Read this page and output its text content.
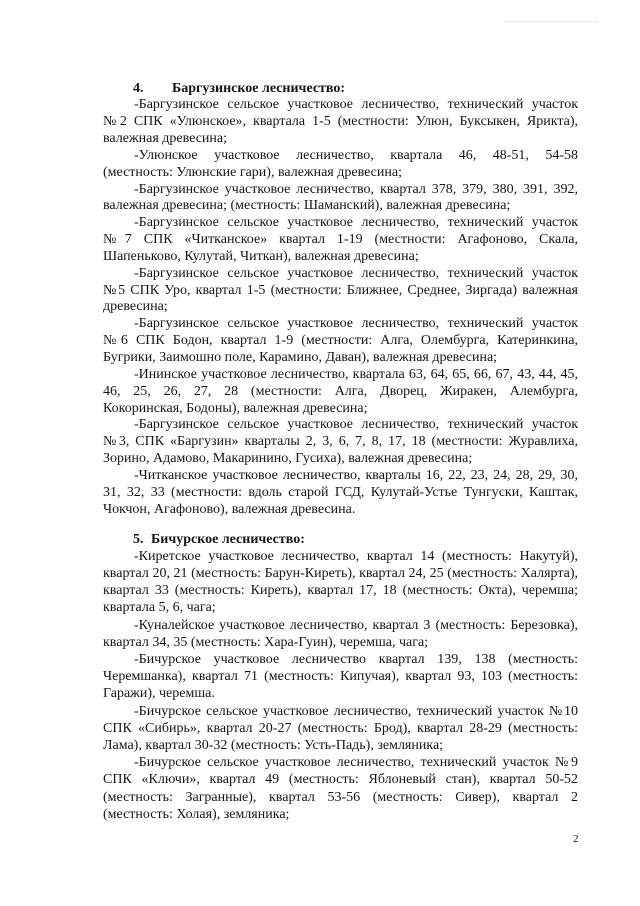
4. Баргузинское лесничество:
-Баргузинское сельское участковое лесничество, технический участок
№2 СПК «Улюнское», квартала 1-5 (местности: Улюн, Буксыкен, Ярикта),
валежная древесина;
-Улюнское участковое лесничество, квартала 46, 48-51, 54-58
(местность: Улюнские гари), валежная древесина;
-Баргузинское участковое лесничество, квартал 378, 379, 380, 391, 392,
валежная древесина; (местность: Шаманский), валежная древесина;
-Баргузинское сельское участковое лесничество, технический участок
№7 СПК «Читканское» квартал 1-19 (местности: Агафоново, Скала,
Шапеньково, Кулутай, Читкан), валежная древесина;
-Баргузинское сельское участковое лесничество, технический участок
№5 СПК Уро, квартал 1-5 (местности: Ближнее, Среднее, Зиргада) валежная
древесина;
-Баргузинское сельское участковое лесничество, технический участок
№6 СПК Бодон, квартал 1-9 (местности: Алга, Олембурга, Катеринкина,
Бугрики, Заимошно поле, Карамино, Даван), валежная древесина;
-Ининское участковое лесничество, квартала 63, 64, 65, 66, 67, 43, 44, 45,
46, 25, 26, 27, 28 (местности: Алга, Дворец, Жиракен, Алембурга,
Кокоринская, Бодоны), валежная древесина;
-Баргузинское сельское участковое лесничество, технический участок
№3, СПК «Баргузин» кварталы 2, 3, 6, 7, 8, 17, 18 (местности: Журавлиха,
Зорино, Адамово, Макаринино, Гусиха), валежная древесина;
-Читканское участковое лесничество, кварталы 16, 22, 23, 24, 28, 29, 30,
31, 32, 33 (местности: вдоль старой ГСД, Кулутай-Устье Тунгуски, Каштак,
Чокчон, Агафоново), валежная древесина.
5. Бичурское лесничество:
-Киретское участковое лесничество, квартал 14 (местность: Накутуй),
квартал 20, 21 (местность: Барун-Киреть), квартал 24, 25 (местность: Халярта),
квартал 33 (местность: Киреть), квартал 17, 18 (местность: Окта), черемша;
квартала 5, 6, чага;
-Куналейское участковое лесничество, квартал 3 (местность: Березовка),
квартал 34, 35 (местность: Хара-Гуин), черемша, чага;
-Бичурское участковое лесничество квартал 139, 138 (местность:
Черемшанка), квартал 71 (местность: Кипучая), квартал 93, 103 (местность:
Гаражи), черемша.
-Бичурское сельское участковое лесничество, технический участок №10
СПК «Сибирь», квартал 20-27 (местность: Брод), квартал 28-29 (местность:
Лама), квартал 30-32 (местность: Усть-Падь), земляника;
-Бичурское сельское участковое лесничество, технический участок №9
СПК «Ключи», квартал 49 (местность: Яблоневый стан), квартал 50-52
(местность: Загранные), квартал 53-56 (местность: Сивер), квартал 2
(местность: Холая), земляника;
2
